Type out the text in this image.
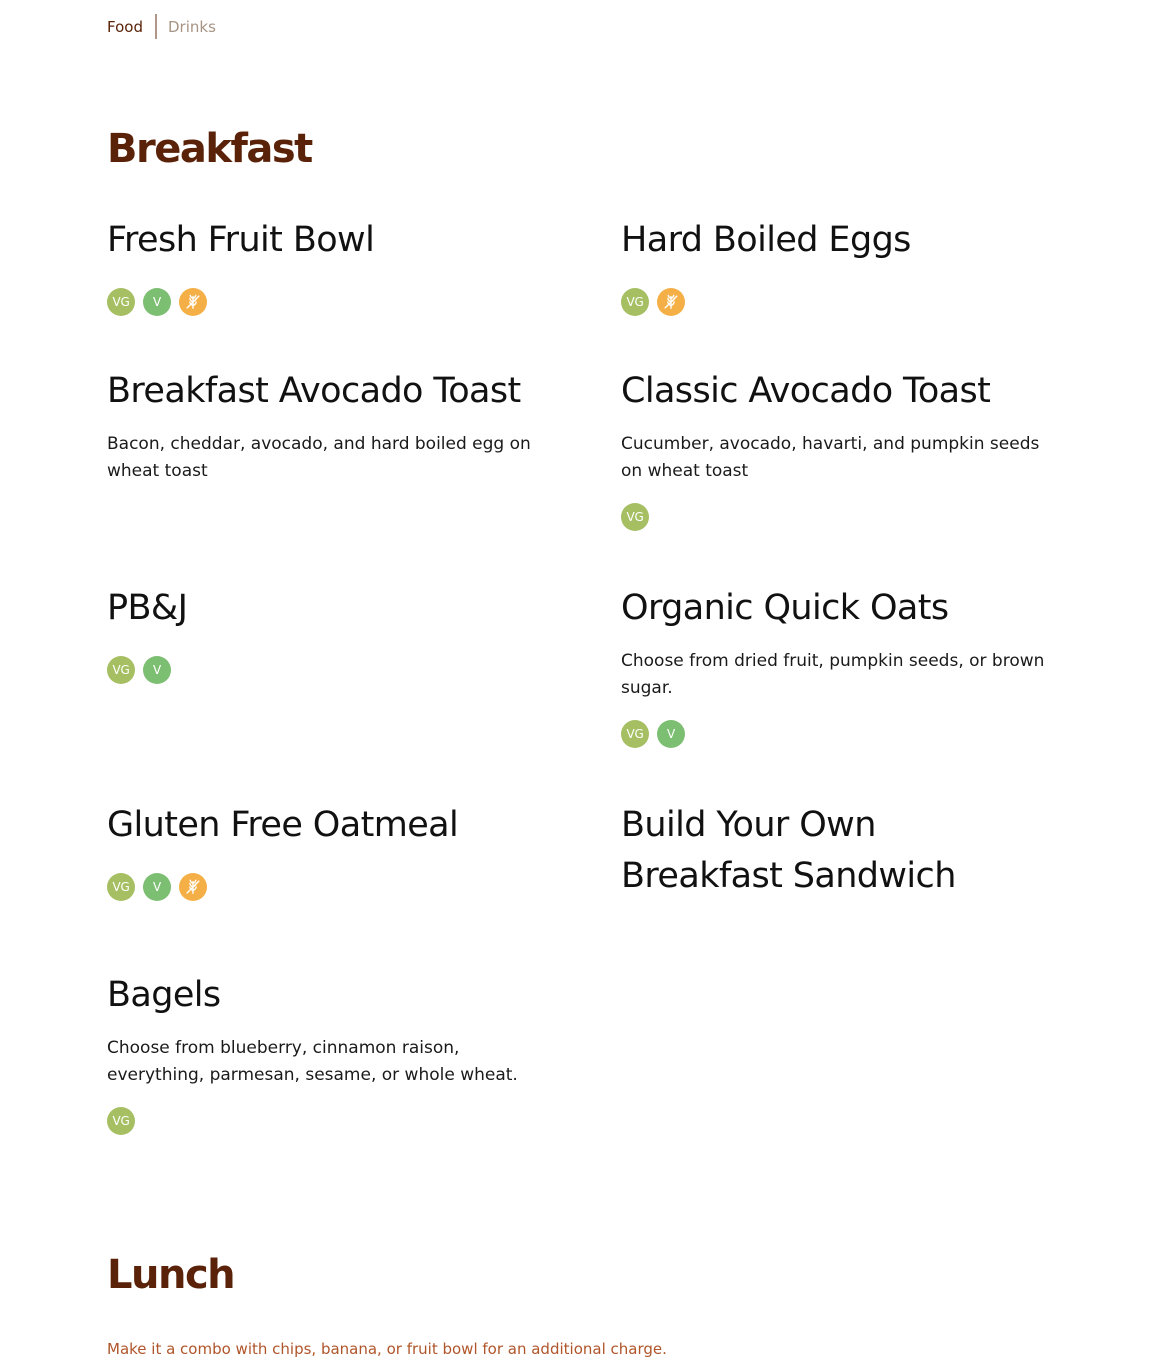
Food Drinks
Breakfast
Fresh Fruit Bowl
VG	V
Hard Boiled Eggs
VG
Breakfast Avocado Toast

Bacon, cheddar, avocado, and hard boiled egg on wheat toast

Classic Avocado Toast

Cucumber, avocado, havarti, and pumpkin seeds on wheat toast

VG
PB&J
VG	V
Organic Quick Oats

Choose from dried fruit, pumpkin seeds, or brown sugar.

VG	V
Gluten Free Oatmeal
VG	V
Build Your Own Breakfast Sandwich
Bagels

Choose from blueberry, cinnamon raison, everything, parmesan, sesame, or whole wheat.

VG
Lunch

Make it a combo with chips, banana, or fruit bowl for an additional charge.
